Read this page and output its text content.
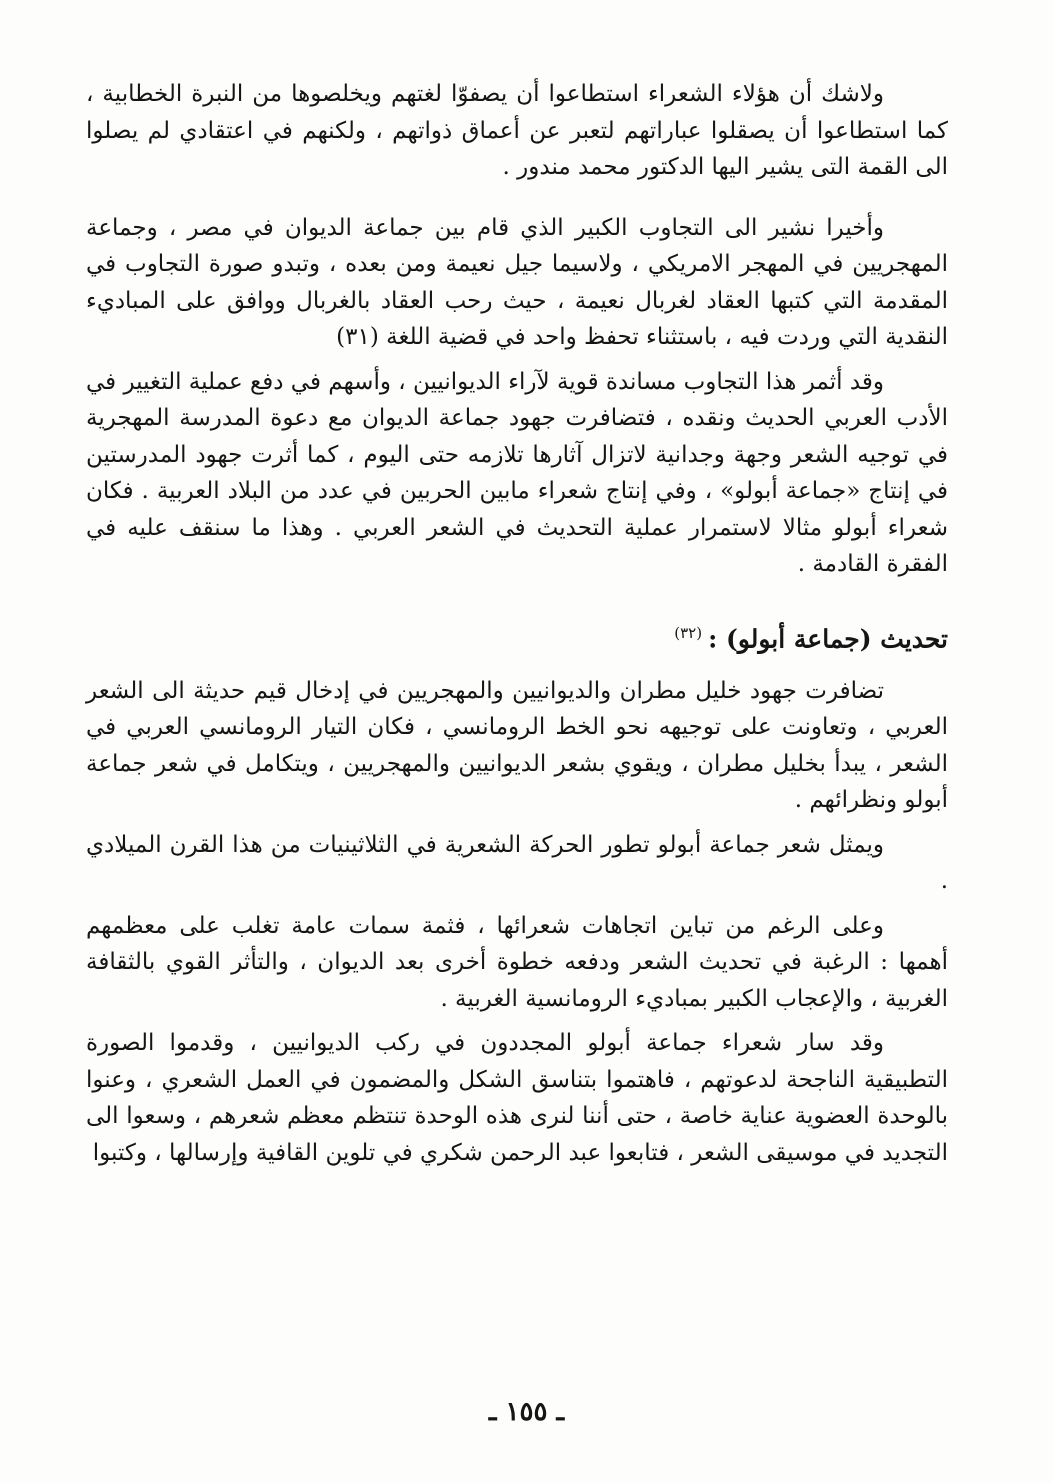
ولاشك أن هؤلاء الشعراء استطاعوا أن يصفوّا لغتهم ويخلصوها من النبرة الخطابية ، كما استطاعوا أن يصقلوا عباراتهم لتعبر عن أعماق ذواتهم ، ولكنهم في اعتقادي لم يصلوا الى القمة التى يشير اليها الدكتور محمد مندور .

وأخيرا نشير الى التجاوب الكبير الذي قام بين جماعة الديوان في مصر ، وجماعة المهجريين في المهجر الامريكي ، ولاسيما جيل نعيمة ومن بعده ، وتبدو صورة التجاوب في المقدمة التي كتبها العقاد لغربال نعيمة ، حيث رحب العقاد بالغربال ووافق على المباديء النقدية التي وردت فيه ، باستثناء تحفظ واحد في قضية اللغة (٣١)

وقد أثمر هذا التجاوب مساندة قوية لآراء الديوانيين ، وأسهم في دفع عملية التغيير في الأدب العربي الحديث ونقده ، فتضافرت جهود جماعة الديوان مع دعوة المدرسة المهجرية في توجيه الشعر وجهة وجدانية لاتزال آثارها تلازمه حتى اليوم ، كما أثرت جهود المدرستين في إنتاج «جماعة أبولو» ، وفي إنتاج شعراء مابين الحربين في عدد من البلاد العربية . فكان شعراء أبولو مثالا لاستمرار عملية التحديث في الشعر العربي . وهذا ما سنقف عليه في الفقرة القادمة .

تحديث (جماعة أبولو) :$^{(٣٢)}$

تضافرت جهود خليل مطران والديوانيين والمهجريين في إدخال قيم حديثة الى الشعر العربي ، وتعاونت على توجيهه نحو الخط الرومانسي ، فكان التيار الرومانسي العربي في الشعر ، يبدأ بخليل مطران ، ويقوي بشعر الديوانيين والمهجريين ، ويتكامل في شعر جماعة أبولو ونظرائهم .

ويمثل شعر جماعة أبولو تطور الحركة الشعرية في الثلاثينيات من هذا القرن الميلادي .

وعلى الرغم من تباين اتجاهات شعرائها ، فثمة سمات عامة تغلب على معظمهم أهمها : الرغبة في تحديث الشعر ودفعه خطوة أخرى بعد الديوان ، والتأثر القوي بالثقافة الغربية ، والإعجاب الكبير بمباديء الرومانسية الغربية .

وقد سار شعراء جماعة أبولو المجددون في ركب الديوانيين ، وقدموا الصورة التطبيقية الناجحة لدعوتهم ، فاهتموا بتناسق الشكل والمضمون في العمل الشعري ، وعنوا بالوحدة العضوية عناية خاصة ، حتى أننا لنرى هذه الوحدة تنتظم معظم شعرهم ، وسعوا الى التجديد في موسيقى الشعر ، فتابعوا عبد الرحمن شكري في تلوين القافية وإرسالها ، وكتبوا

ـ ١٥٥ ـ
